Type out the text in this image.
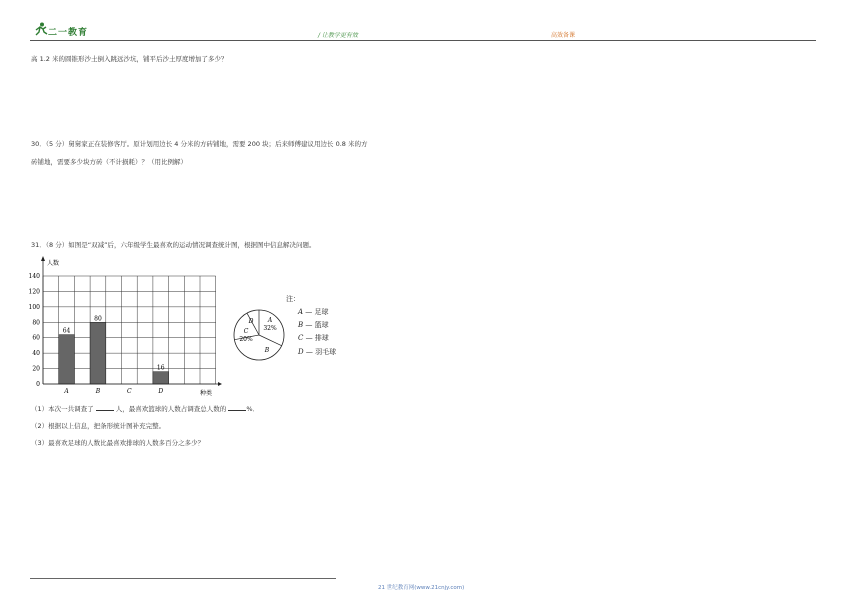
二一教育	/ 让教学更有效	高效备课
高 1.2 米的圆锥形沙土倒入跳远沙坑，铺平后沙土厚度增加了多少？
30．（5 分）舅舅家正在装修客厅。原计划用边长 4 分米的方砖铺地，需要 200 块；后来师傅建议用边长 0.8 米的方
砖铺地，需要多少块方砖（不计损耗）？（用比例解）
31．（8 分）如图是“双减”后，六年级学生最喜欢的运动情况调查统计图，根据图中信息解决问题。
0
20
40
60
80
100
120
140
64
A
80
B	C
16
D
人数
种类
A
32%
B
C
20%
D
注：
A — 足球
B — 篮球
C — 排球
D — 羽毛球
（1）本次一共调查了	人，最喜欢篮球的人数占调查总人数的	%．
（2）根据以上信息，把条形统计图补充完整。
（3）最喜欢足球的人数比最喜欢排球的人数多百分之多少？
21 世纪教育网(www.21cnjy.com)
